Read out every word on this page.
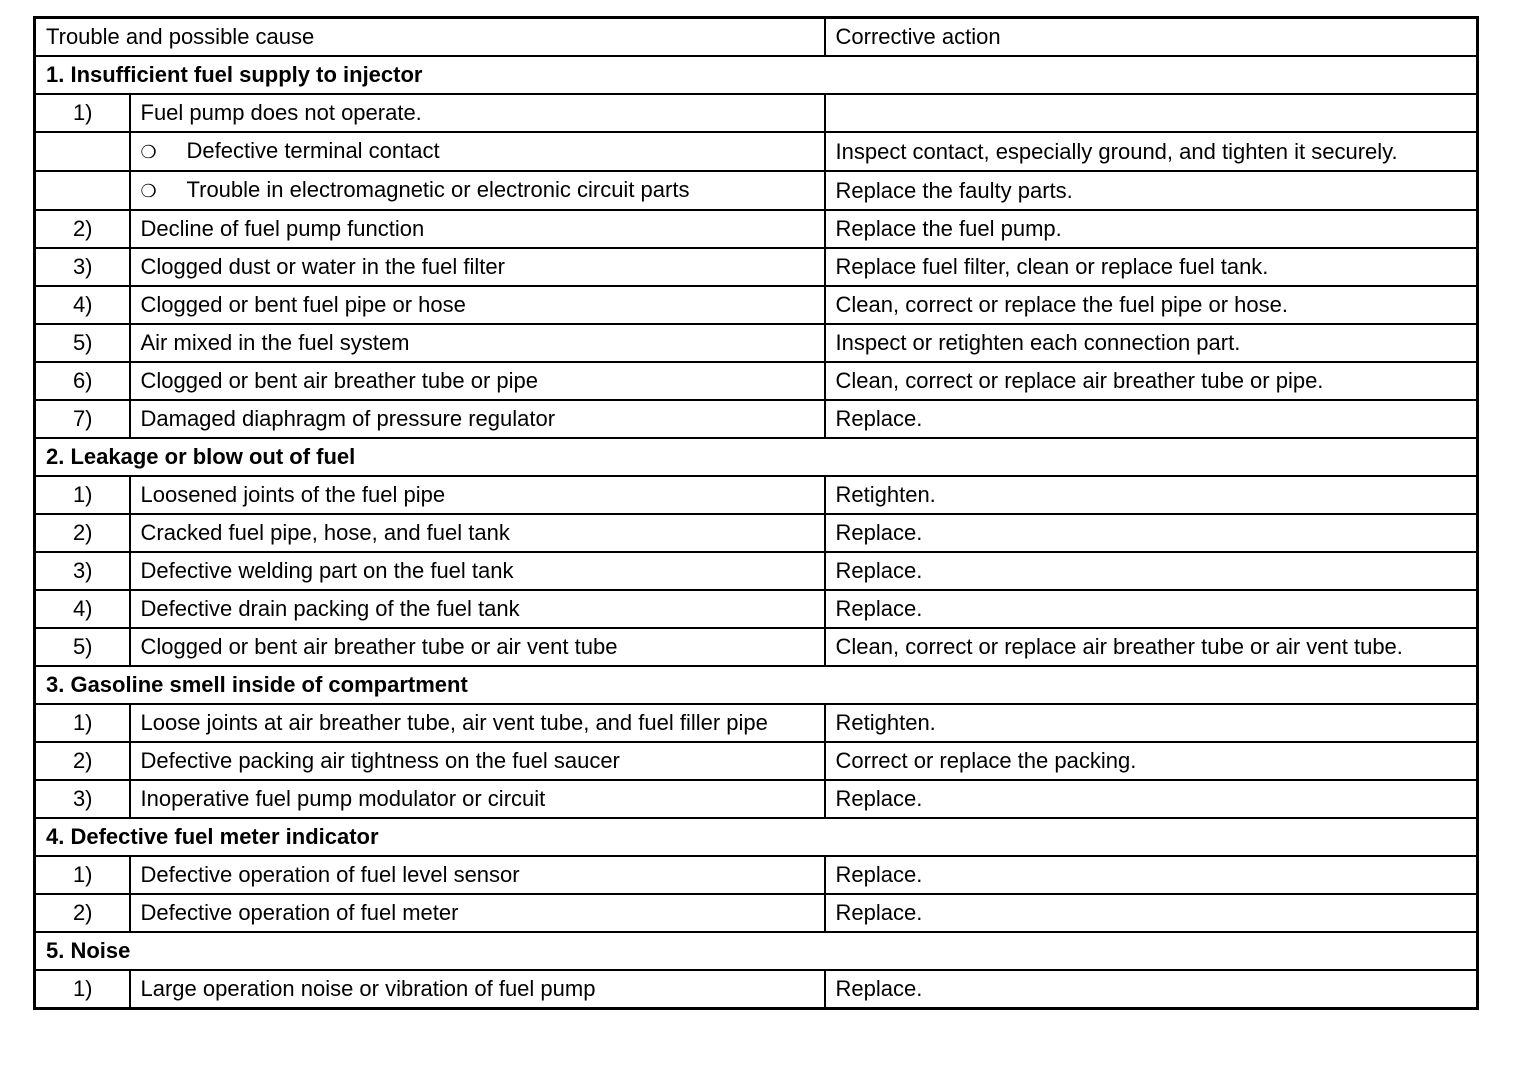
Trouble and possible cause		Corrective action
1. Insufficient fuel supply to injector		
1)	Fuel pump does not operate.	
	❍ Defective terminal contact	Inspect contact, especially ground, and tighten it securely.
	❍ Trouble in electromagnetic or electronic circuit parts	Replace the faulty parts.
2)	Decline of fuel pump function	Replace the fuel pump.
3)	Clogged dust or water in the fuel filter	Replace fuel filter, clean or replace fuel tank.
4)	Clogged or bent fuel pipe or hose	Clean, correct or replace the fuel pipe or hose.
5)	Air mixed in the fuel system	Inspect or retighten each connection part.
6)	Clogged or bent air breather tube or pipe	Clean, correct or replace air breather tube or pipe.
7)	Damaged diaphragm of pressure regulator	Replace.
2. Leakage or blow out of fuel		
1)	Loosened joints of the fuel pipe	Retighten.
2)	Cracked fuel pipe, hose, and fuel tank	Replace.
3)	Defective welding part on the fuel tank	Replace.
4)	Defective drain packing of the fuel tank	Replace.
5)	Clogged or bent air breather tube or air vent tube	Clean, correct or replace air breather tube or air vent tube.
3. Gasoline smell inside of compartment		
1)	Loose joints at air breather tube, air vent tube, and fuel filler pipe	Retighten.
2)	Defective packing air tightness on the fuel saucer	Correct or replace the packing.
3)	Inoperative fuel pump modulator or circuit	Replace.
4. Defective fuel meter indicator		
1)	Defective operation of fuel level sensor	Replace.
2)	Defective operation of fuel meter	Replace.
5. Noise		
1)	Large operation noise or vibration of fuel pump	Replace.
